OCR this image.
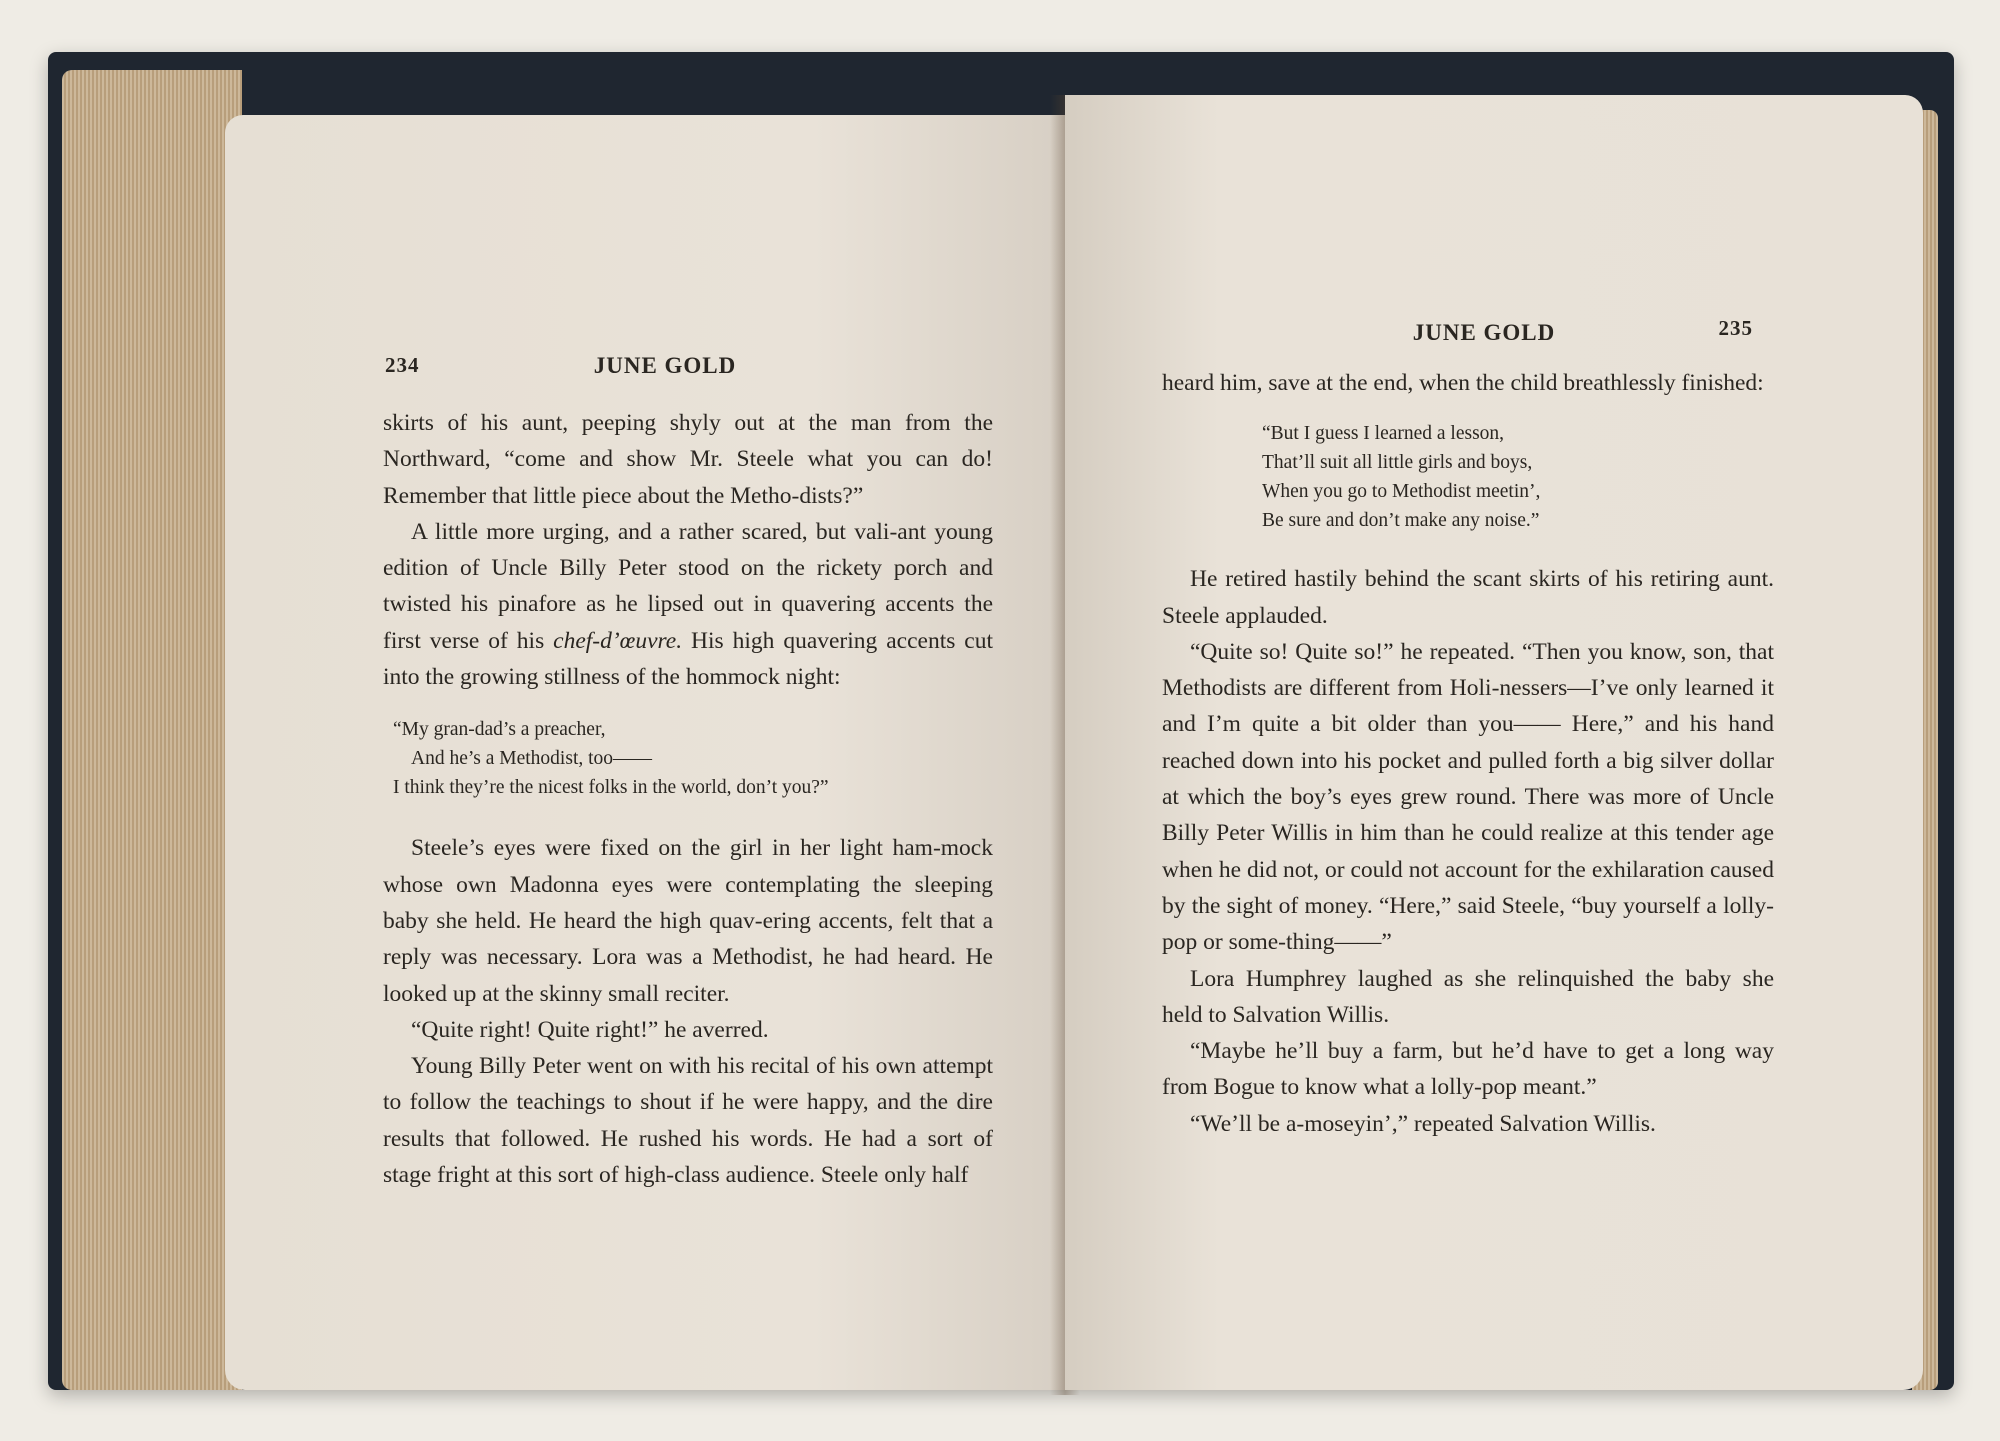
234	JUNE GOLD

skirts of his aunt, peeping shyly out at the man from the Northward, “come and show Mr. Steele what you can do! Remember that little piece about the Metho-dists?”

A little more urging, and a rather scared, but vali-ant young edition of Uncle Billy Peter stood on the rickety porch and twisted his pinafore as he lipsed out in quavering accents the first verse of his chef-d’œuvre. His high quavering accents cut into the growing stillness of the hommock night:

“My gran-dad’s a preacher,
And he’s a Methodist, too——
I think they’re the nicest folks in the world, don’t you?”

Steele’s eyes were fixed on the girl in her light ham-mock whose own Madonna eyes were contemplating the sleeping baby she held. He heard the high quav-ering accents, felt that a reply was necessary. Lora was a Methodist, he had heard. He looked up at the skinny small reciter.

“Quite right! Quite right!” he averred.

Young Billy Peter went on with his recital of his own attempt to follow the teachings to shout if he were happy, and the dire results that followed. He rushed his words. He had a sort of stage fright at this sort of high-class audience. Steele only half

JUNE GOLD	235

heard him, save at the end, when the child breathlessly finished:

“But I guess I learned a lesson,
That’ll suit all little girls and boys,
When you go to Methodist meetin’,
Be sure and don’t make any noise.”

He retired hastily behind the scant skirts of his retiring aunt. Steele applauded.

“Quite so! Quite so!” he repeated. “Then you know, son, that Methodists are different from Holi-nessers—I’ve only learned it and I’m quite a bit older than you—— Here,” and his hand reached down into his pocket and pulled forth a big silver dollar at which the boy’s eyes grew round. There was more of Uncle Billy Peter Willis in him than he could realize at this tender age when he did not, or could not account for the exhilaration caused by the sight of money. “Here,” said Steele, “buy yourself a lolly-pop or some-thing——”

Lora Humphrey laughed as she relinquished the baby she held to Salvation Willis.

“Maybe he’ll buy a farm, but he’d have to get a long way from Bogue to know what a lolly-pop meant.”

“We’ll be a-moseyin’,” repeated Salvation Willis.
